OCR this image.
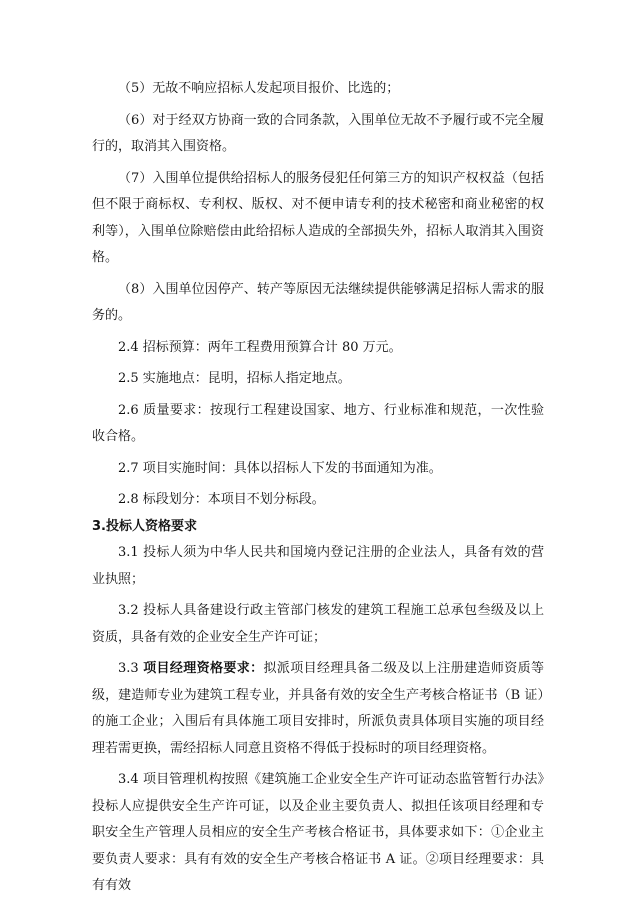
（5）无故不响应招标人发起项目报价、比选的；

（6）对于经双方协商一致的合同条款，入围单位无故不予履行或不完全履行的，取消其入围资格。

（7）入围单位提供给招标人的服务侵犯任何第三方的知识产权权益（包括但不限于商标权、专利权、版权、对不便申请专利的技术秘密和商业秘密的权利等），入围单位除赔偿由此给招标人造成的全部损失外，招标人取消其入围资格。

（8）入围单位因停产、转产等原因无法继续提供能够满足招标人需求的服务的。

2.4 招标预算：两年工程费用预算合计 80 万元。

2.5 实施地点：昆明，招标人指定地点。

2.6 质量要求：按现行工程建设国家、地方、行业标准和规范，一次性验收合格。

2.7 项目实施时间：具体以招标人下发的书面通知为准。

2.8 标段划分：本项目不划分标段。

3.投标人资格要求

3.1 投标人须为中华人民共和国境内登记注册的企业法人，具备有效的营业执照；

3.2 投标人具备建设行政主管部门核发的建筑工程施工总承包叁级及以上资质，具备有效的企业安全生产许可证；

3.3 项目经理资格要求：拟派项目经理具备二级及以上注册建造师资质等级，建造师专业为建筑工程专业，并具备有效的安全生产考核合格证书（B 证）的施工企业；入围后有具体施工项目安排时，所派负责具体项目实施的项目经理若需更换，需经招标人同意且资格不得低于投标时的项目经理资格。

3.4 项目管理机构按照《建筑施工企业安全生产许可证动态监管暂行办法》投标人应提供安全生产许可证，以及企业主要负责人、拟担任该项目经理和专职安全生产管理人员相应的安全生产考核合格证书，具体要求如下：①企业主要负责人要求：具有有效的安全生产考核合格证书 A 证。②项目经理要求：具有有效
